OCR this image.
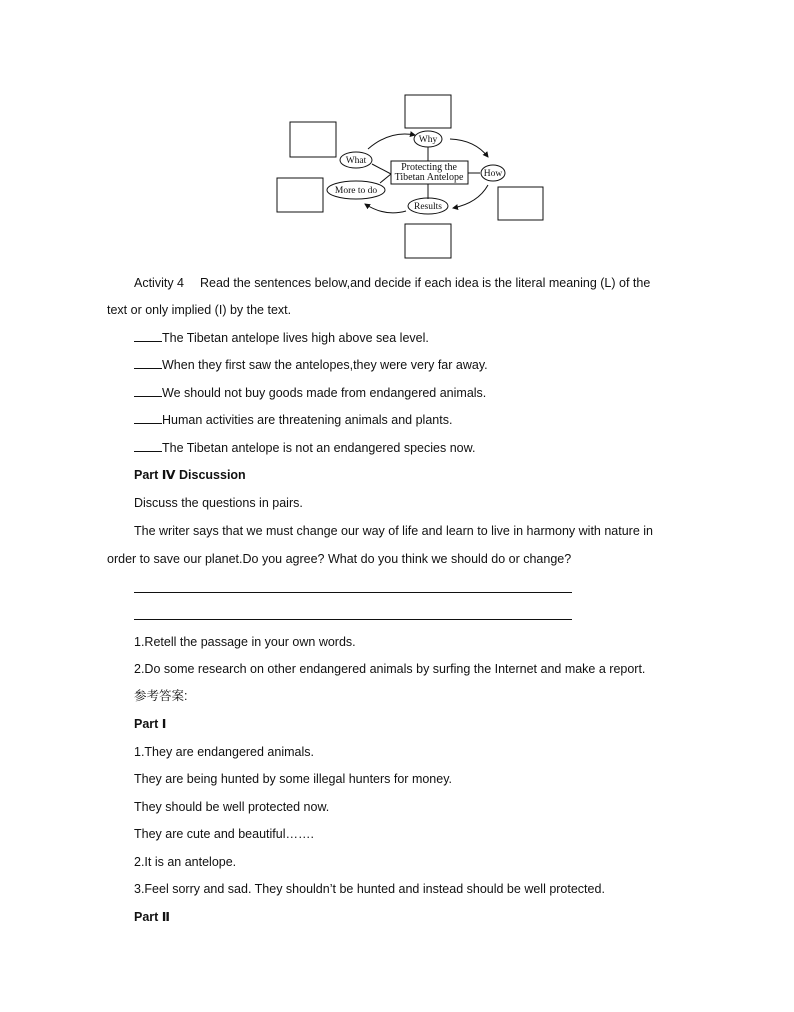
Protecting the
Tibetan Antelope
Why
How
Results
More to do
What
Activity 4  Read the sentences below,and decide if each idea is the literal meaning (L) of the
text or only implied (I) by the text.
The Tibetan antelope lives high above sea level.
When they first saw the antelopes,they were very far away.
We should not buy goods made from endangered animals.
Human activities are threatening animals and plants.
The Tibetan antelope is not an endangered species now.
Part Ⅳ Discussion
Discuss the questions in pairs.
The writer says that we must change our way of life and learn to live in harmony with nature in
order to save our planet.Do you agree? What do you think we should do or change?
1.Retell the passage in your own words.
2.Do some research on other endangered animals by surfing the Internet and make a report.
参考答案:
Part Ⅰ
1.They are endangered animals.
They are being hunted by some illegal hunters for money.
They should be well protected now.
They are cute and beautiful…….
2.It is an antelope.
3.Feel sorry and sad. They shouldn’t be hunted and instead should be well protected.
Part Ⅱ
